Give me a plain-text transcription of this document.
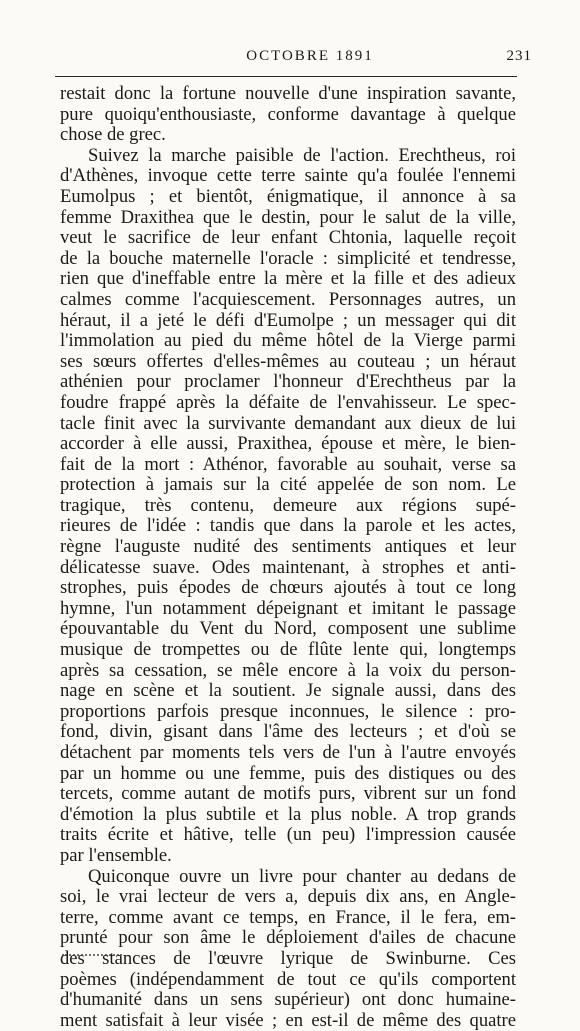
OCTOBRE 1891	231
restait donc la fortune nouvelle d'une inspiration savante,
pure quoiqu'enthousiaste, conforme davantage à quelque
chose de grec.
Suivez la marche paisible de l'action. Erechtheus, roi
d'Athènes, invoque cette terre sainte qu'a foulée l'ennemi
Eumolpus ; et bientôt, énigmatique, il annonce à sa
femme Draxithea que le destin, pour le salut de la ville,
veut le sacrifice de leur enfant Chtonia, laquelle reçoit
de la bouche maternelle l'oracle : simplicité et tendresse,
rien que d'ineffable entre la mère et la fille et des adieux
calmes comme l'acquiescement. Personnages autres, un
héraut, il a jeté le défi d'Eumolpe ; un messager qui dit
l'immolation au pied du même hôtel de la Vierge parmi
ses sœurs offertes d'elles-mêmes au couteau ; un héraut
athénien pour proclamer l'honneur d'Erechtheus par la
foudre frappé après la défaite de l'envahisseur. Le spec-
tacle finit avec la survivante demandant aux dieux de lui
accorder à elle aussi, Praxithea, épouse et mère, le bien-
fait de la mort : Athénor, favorable au souhait, verse sa
protection à jamais sur la cité appelée de son nom. Le
tragique, très contenu, demeure aux régions supé-
rieures de l'idée : tandis que dans la parole et les actes,
règne l'auguste nudité des sentiments antiques et leur
délicatesse suave. Odes maintenant, à strophes et anti-
strophes, puis épodes de chœurs ajoutés à tout ce long
hymne, l'un notamment dépeignant et imitant le passage
épouvantable du Vent du Nord, composent une sublime
musique de trompettes ou de flûte lente qui, longtemps
après sa cessation, se mêle encore à la voix du person-
nage en scène et la soutient. Je signale aussi, dans des
proportions parfois presque inconnues, le silence : pro-
fond, divin, gisant dans l'âme des lecteurs ; et d'où se
détachent par moments tels vers de l'un à l'autre envoyés
par un homme ou une femme, puis des distiques ou des
tercets, comme autant de motifs purs, vibrent sur un fond
d'émotion la plus subtile et la plus noble. A trop grands
traits écrite et hâtive, telle (un peu) l'impression causée
par l'ensemble.
Quiconque ouvre un livre pour chanter au dedans de
soi, le vrai lecteur de vers a, depuis dix ans, en Angle-
terre, comme avant ce temps, en France, il le fera, em-
prunté pour son âme le déploiement d'ailes de chacune
des stances de l'œuvre lyrique de Swinburne. Ces
poèmes (indépendamment de tout ce qu'ils comportent
d'humanité dans un sens supérieur) ont donc humaine-
ment satisfait à leur visée ; en est-il de même des quatre
